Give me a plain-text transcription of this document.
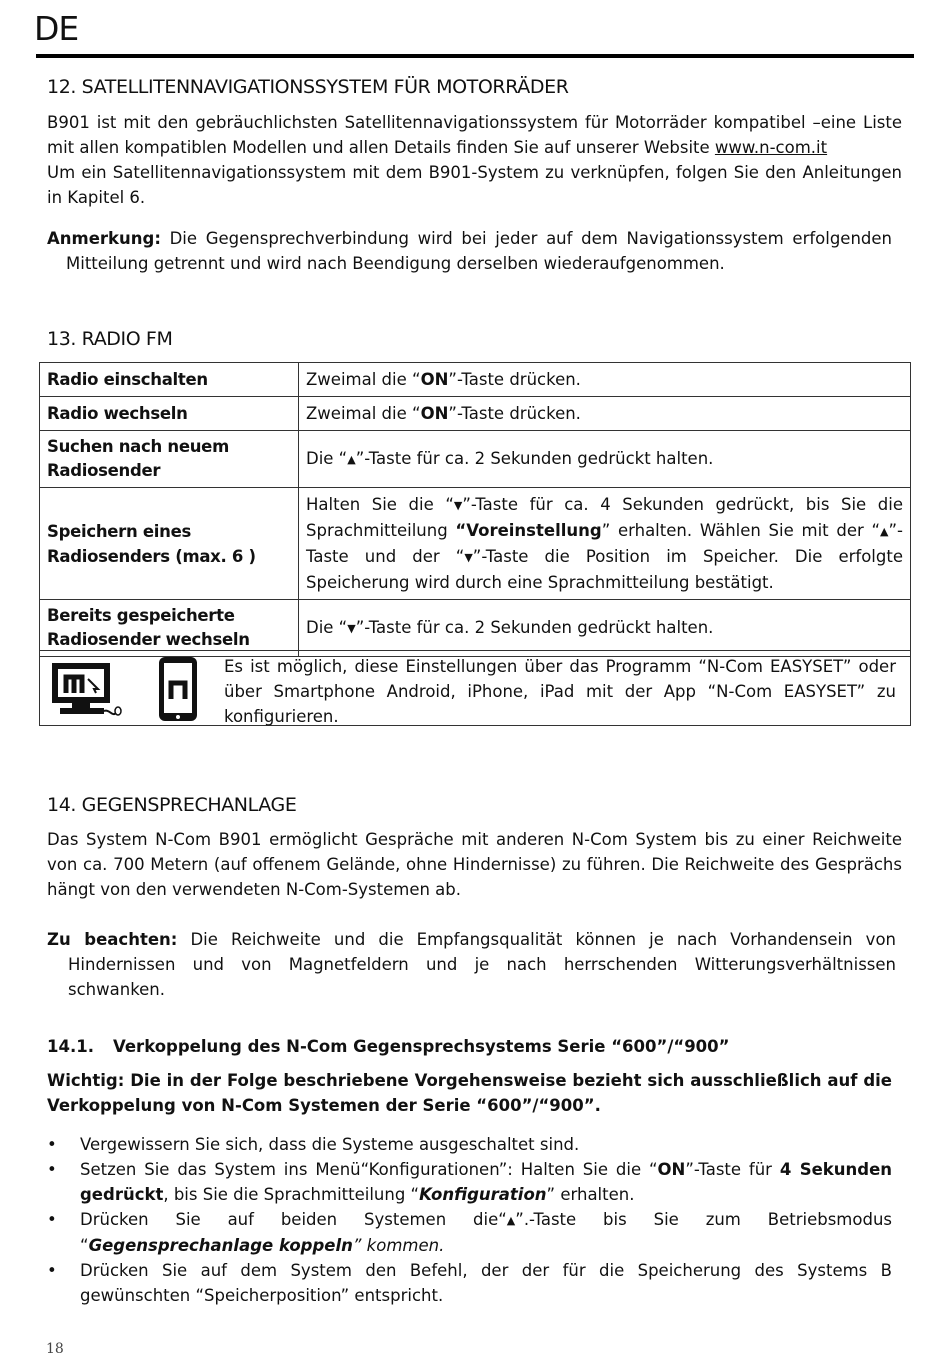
DE
12. SATELLITENNAVIGATIONSSYSTEM FÜR MOTORRÄDER
B901 ist mit den gebräuchlichsten Satellitennavigationssystem für Motorräder kompatibel –eine Liste mit allen kompatiblen Modellen und allen Details finden Sie auf unserer Website www.n-com.it
Um ein Satellitennavigationssystem mit dem B901-System zu verknüpfen, folgen Sie den Anleitungen in Kapitel 6.
Anmerkung: Die Gegensprechverbindung wird bei jeder auf dem Navigationssystem erfolgenden Mitteilung getrennt und wird nach Beendigung derselben wiederaufgenommen.
13. RADIO FM
Radio einschalten	Zweimal die “ON”-Taste drücken.
Radio wechseln	Zweimal die “ON”-Taste drücken.
Suchen nach neuem Radiosender	Die “▲”-Taste für ca. 2 Sekunden gedrückt halten.
Speichern eines Radiosenders (max. 6 )	Halten Sie die “▼”-Taste für ca. 4 Sekunden gedrückt, bis Sie die Sprachmitteilung “Voreinstellung” erhalten. Wählen Sie mit der “▲”-Taste und der “▼”-Taste die Position im Speicher. Die erfolgte Speicherung wird durch eine Sprachmitteilung bestätigt.
Bereits gespeicherte Radiosender wechseln	Die “▼”-Taste für ca. 2 Sekunden gedrückt halten.
Es ist möglich, diese Einstellungen über das Programm “N-Com EASYSET” oder über Smartphone Android, iPhone, iPad mit der App “N-Com EASYSET” zu konfigurieren.
14. GEGENSPRECHANLAGE
Das System N-Com B901 ermöglicht Gespräche mit anderen N-Com System bis zu einer Reichweite von ca. 700 Metern (auf offenem Gelände, ohne Hindernisse) zu führen. Die Reichweite des Gesprächs hängt von den verwendeten N-Com-Systemen ab.
Zu beachten: Die Reichweite und die Empfangsqualität können je nach Vorhandensein von Hindernissen und von Magnetfeldern und je nach herrschenden Witterungsverhältnissen schwanken.
14.1. Verkoppelung des N-Com Gegensprechsystems Serie “600”/“900”
Wichtig: Die in der Folge beschriebene Vorgehensweise bezieht sich ausschließlich auf die Verkoppelung von N-Com Systemen der Serie “600”/“900”.
• Vergewissern Sie sich, dass die Systeme ausgeschaltet sind.
• Setzen Sie das System ins Menü“Konfigurationen”: Halten Sie die “ON”-Taste für 4 Sekunden gedrückt, bis Sie die Sprachmitteilung “Konfiguration” erhalten.
• Drücken Sie auf beiden Systemen die“▲”.-Taste bis Sie zum Betriebsmodus “Gegensprechanlage koppeln” kommen.
• Drücken Sie auf dem System den Befehl, der der für die Speicherung des Systems B gewünschten “Speicherposition” entspricht.
18
